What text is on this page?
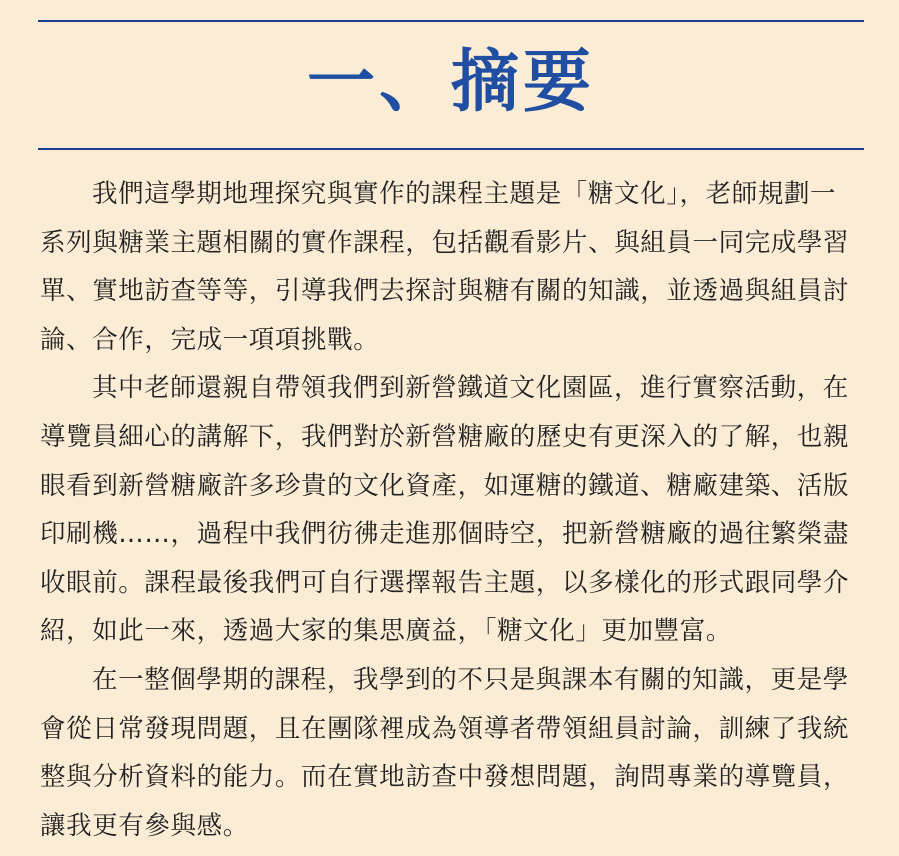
一、摘要

我們這學期地理探究與實作的課程主題是「糖文化」，老師規劃一系列與糖業主題相關的實作課程，包括觀看影片、與組員一同完成學習單、實地訪查等等，引導我們去探討與糖有關的知識，並透過與組員討論、合作，完成一項項挑戰。

其中老師還親自帶領我們到新營鐵道文化園區，進行實察活動，在導覽員細心的講解下，我們對於新營糖廠的歷史有更深入的了解，也親眼看到新營糖廠許多珍貴的文化資產，如運糖的鐵道、糖廠建築、活版印刷機……，過程中我們彷彿走進那個時空，把新營糖廠的過往繁榮盡收眼前。課程最後我們可自行選擇報告主題，以多樣化的形式跟同學介紹，如此一來，透過大家的集思廣益，「糖文化」更加豐富。

在一整個學期的課程，我學到的不只是與課本有關的知識，更是學會從日常發現問題，且在團隊裡成為領導者帶領組員討論，訓練了我統整與分析資料的能力。而在實地訪查中發想問題，詢問專業的導覽員，讓我更有參與感。
